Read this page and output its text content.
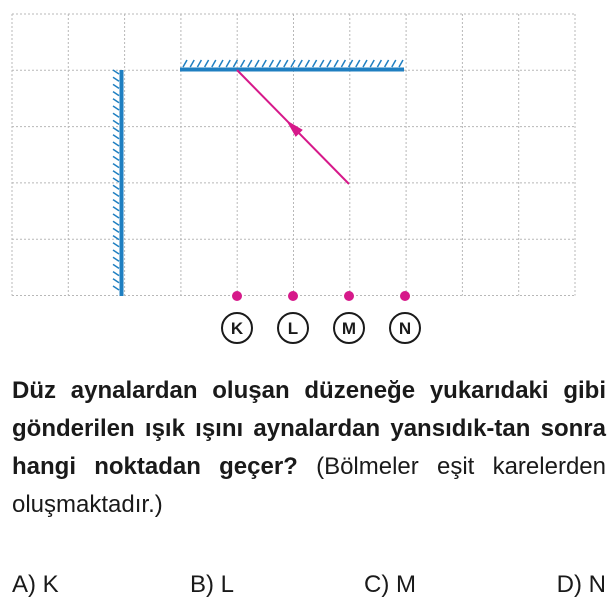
K	L	M	N
Düz aynalardan oluşan düzeneğe yukarıdaki gibi gönderilen ışık ışını aynalardan yansıdık-tan sonra hangi noktadan geçer? (Bölmeler eşit karelerden oluşmaktadır.)
A) K	B) L	C) M	D) N
